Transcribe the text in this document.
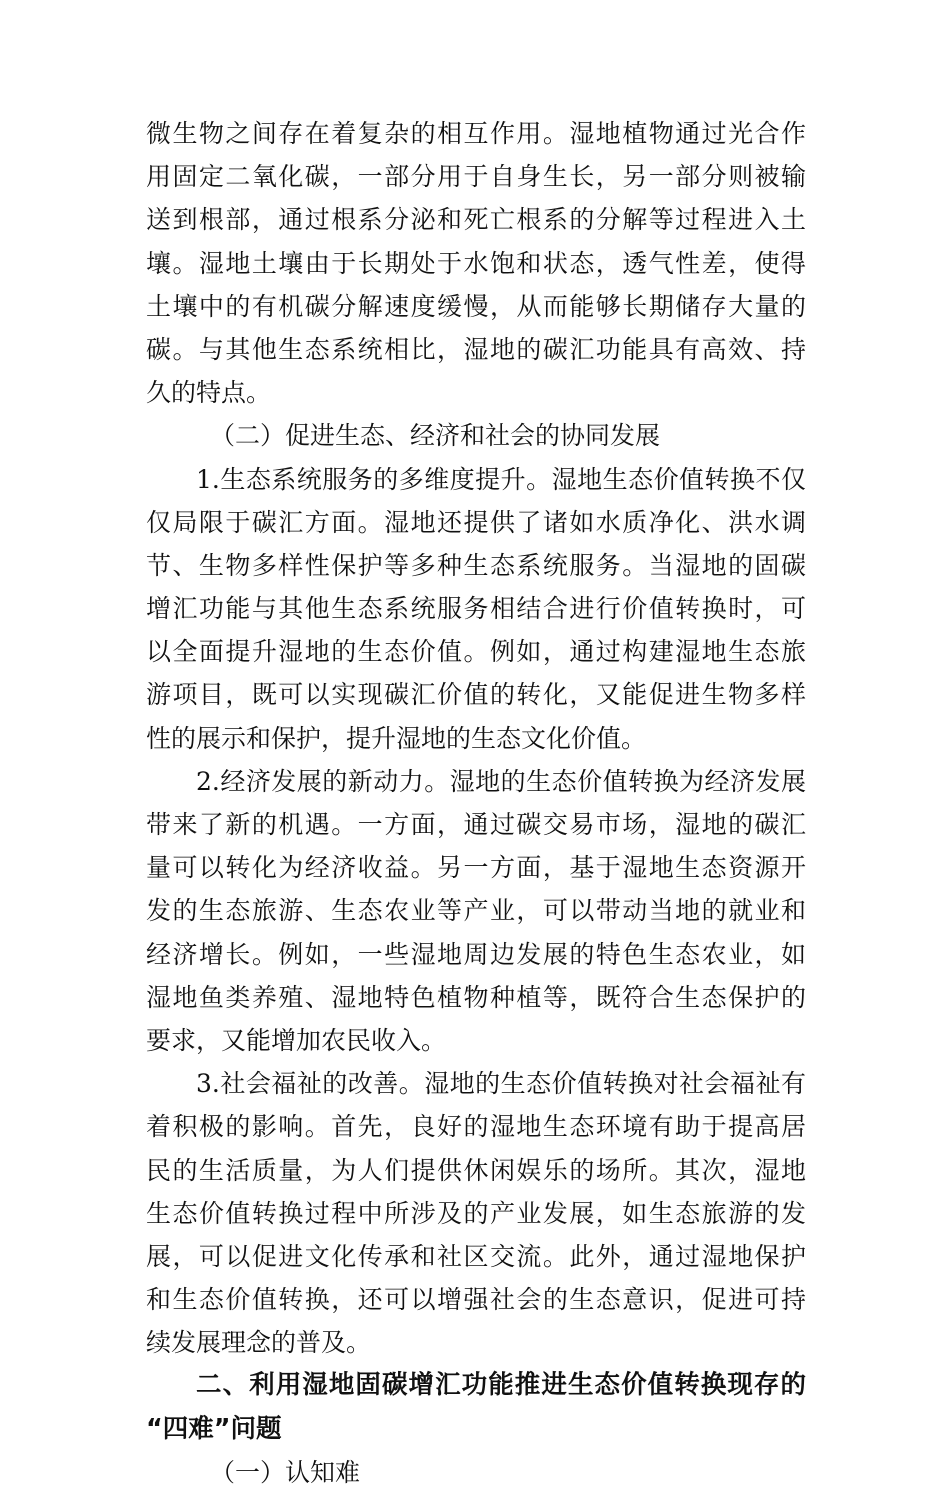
微生物之间存在着复杂的相互作用。湿地植物通过光合作
用固定二氧化碳，一部分用于自身生长，另一部分则被输
送到根部，通过根系分泌和死亡根系的分解等过程进入土
壤。湿地土壤由于长期处于水饱和状态，透气性差，使得
土壤中的有机碳分解速度缓慢，从而能够长期储存大量的
碳。与其他生态系统相比，湿地的碳汇功能具有高效、持
久的特点。
（二）促进生态、经济和社会的协同发展
1.生态系统服务的多维度提升。湿地生态价值转换不仅
仅局限于碳汇方面。湿地还提供了诸如水质净化、洪水调
节、生物多样性保护等多种生态系统服务。当湿地的固碳
增汇功能与其他生态系统服务相结合进行价值转换时，可
以全面提升湿地的生态价值。例如，通过构建湿地生态旅
游项目，既可以实现碳汇价值的转化，又能促进生物多样
性的展示和保护，提升湿地的生态文化价值。
2.经济发展的新动力。湿地的生态价值转换为经济发展
带来了新的机遇。一方面，通过碳交易市场，湿地的碳汇
量可以转化为经济收益。另一方面，基于湿地生态资源开
发的生态旅游、生态农业等产业，可以带动当地的就业和
经济增长。例如，一些湿地周边发展的特色生态农业，如
湿地鱼类养殖、湿地特色植物种植等，既符合生态保护的
要求，又能增加农民收入。
3.社会福祉的改善。湿地的生态价值转换对社会福祉有
着积极的影响。首先，良好的湿地生态环境有助于提高居
民的生活质量，为人们提供休闲娱乐的场所。其次，湿地
生态价值转换过程中所涉及的产业发展，如生态旅游的发
展，可以促进文化传承和社区交流。此外，通过湿地保护
和生态价值转换，还可以增强社会的生态意识，促进可持
续发展理念的普及。
二、利用湿地固碳增汇功能推进生态价值转换现存的
“四难”问题
（一）认知难
